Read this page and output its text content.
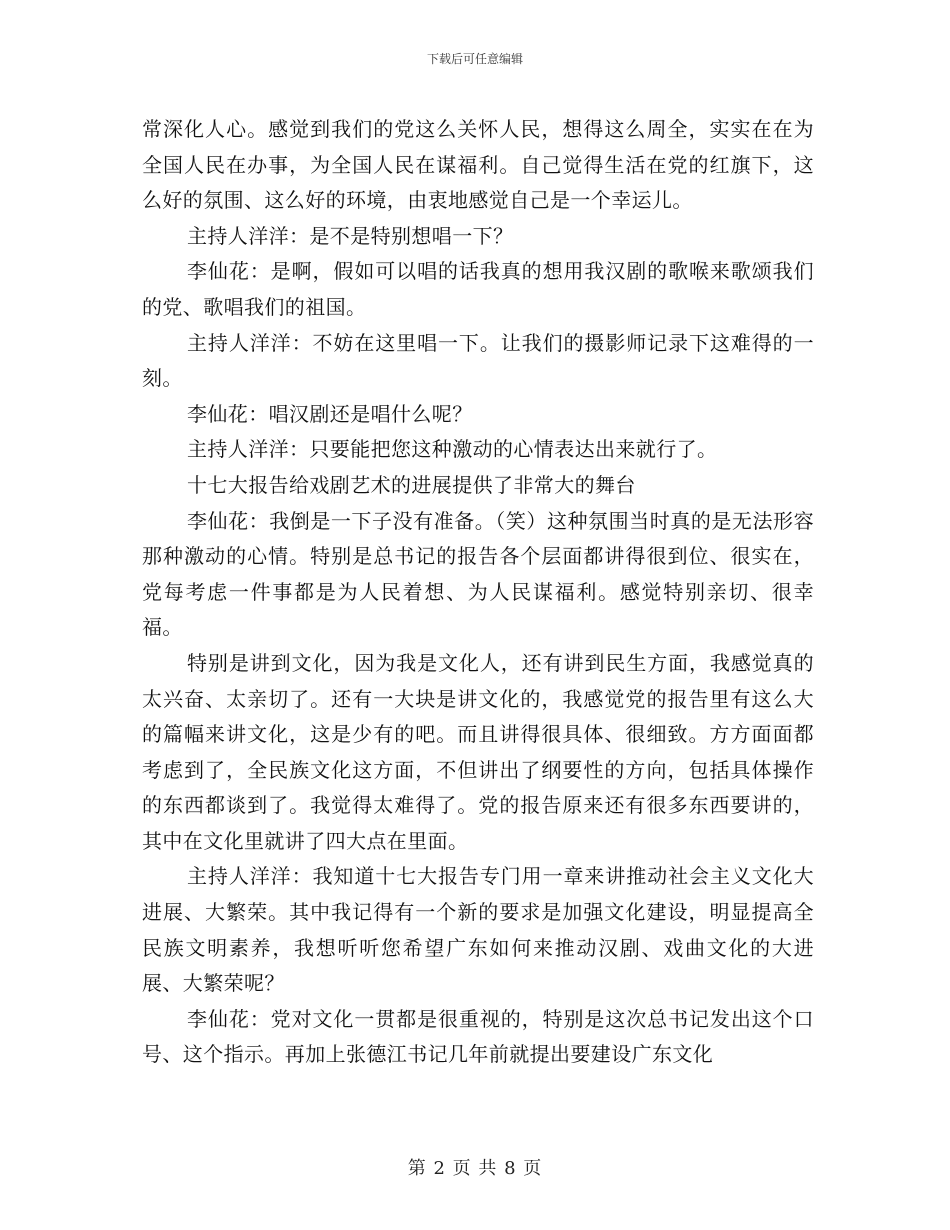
下载后可任意编辑

常深化人心。感觉到我们的党这么关怀人民，想得这么周全，实实在在为全国人民在办事，为全国人民在谋福利。自己觉得生活在党的红旗下，这么好的氛围、这么好的环境，由衷地感觉自己是一个幸运儿。

主持人洋洋：是不是特别想唱一下？

李仙花：是啊，假如可以唱的话我真的想用我汉剧的歌喉来歌颂我们的党、歌唱我们的祖国。

主持人洋洋：不妨在这里唱一下。让我们的摄影师记录下这难得的一刻。

李仙花：唱汉剧还是唱什么呢？

主持人洋洋：只要能把您这种激动的心情表达出来就行了。

十七大报告给戏剧艺术的进展提供了非常大的舞台

李仙花：我倒是一下子没有准备。（笑）这种氛围当时真的是无法形容那种激动的心情。特别是总书记的报告各个层面都讲得很到位、很实在，党每考虑一件事都是为人民着想、为人民谋福利。感觉特别亲切、很幸福。

特别是讲到文化，因为我是文化人，还有讲到民生方面，我感觉真的太兴奋、太亲切了。还有一大块是讲文化的，我感觉党的报告里有这么大的篇幅来讲文化，这是少有的吧。而且讲得很具体、很细致。方方面面都考虑到了，全民族文化这方面，不但讲出了纲要性的方向，包括具体操作的东西都谈到了。我觉得太难得了。党的报告原来还有很多东西要讲的，其中在文化里就讲了四大点在里面。

主持人洋洋：我知道十七大报告专门用一章来讲推动社会主义文化大进展、大繁荣。其中我记得有一个新的要求是加强文化建设，明显提高全民族文明素养，我想听听您希望广东如何来推动汉剧、戏曲文化的大进展、大繁荣呢？

李仙花：党对文化一贯都是很重视的，特别是这次总书记发出这个口号、这个指示。再加上张德江书记几年前就提出要建设广东文化

第 2 页 共 8 页
